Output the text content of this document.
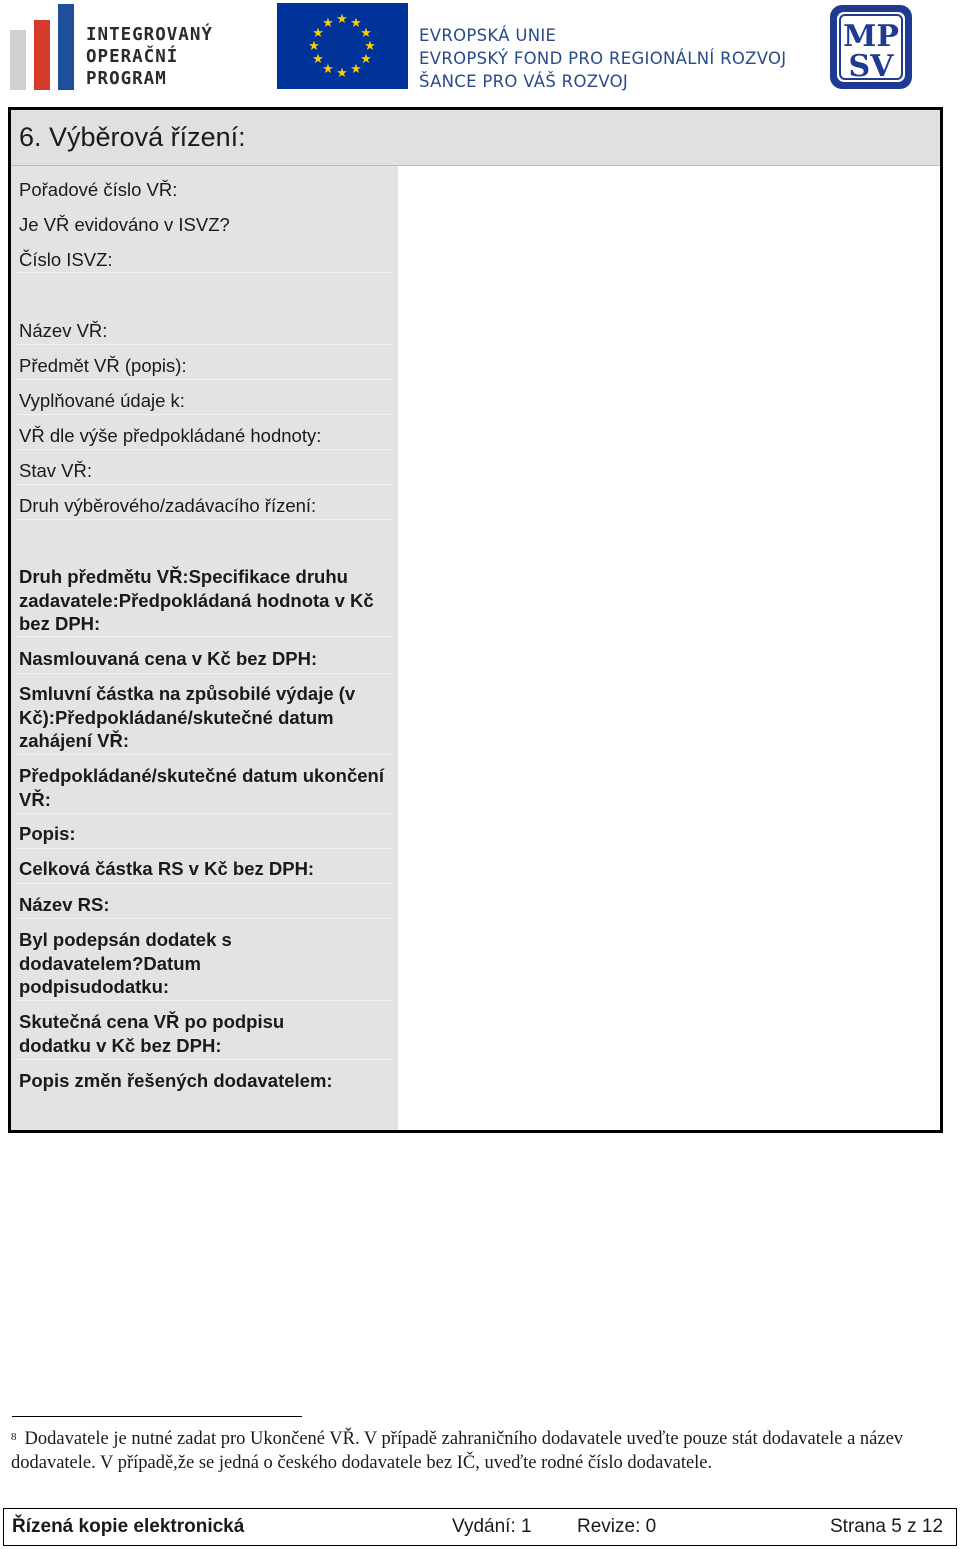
INTEGROVANÝ
OPERAČNÍ
PROGRAM
★ ★
★
★
★
★
★
★
★
★
★
★
EVROPSKÁ UNIE
EVROPSKÝ FOND PRO REGIONÁLNÍ ROZVOJ
ŠANCE PRO VÁŠ ROZVOJ
MP
SV
6. Výběrová řízení:
Pořadové číslo VŘ:
Je VŘ evidováno v ISVZ?
Číslo ISVZ:
Název VŘ:
Předmět VŘ (popis):
Vyplňované údaje k:
VŘ dle výše předpokládané hodnoty:
Stav VŘ:
Druh výběrového/zadávacího řízení:
Druh předmětu VŘ:Specifikace druhu zadavatele:Předpokládaná hodnota v Kč bez DPH:
Nasmlouvaná cena v Kč bez DPH:
Smluvní částka na způsobilé výdaje (v Kč):Předpokládané/skutečné datum zahájení VŘ:
Předpokládané/skutečné datum ukončení VŘ:
Popis:
Celková částka RS v Kč bez DPH:
Název RS:
Byl podepsán dodatek s dodavatelem?Datum podpisudodatku:
Skutečná cena VŘ po podpisu dodatku v Kč bez DPH:
Popis změn řešených dodavatelem:
$^8$ Dodavatele je nutné zadat pro Ukončené VŘ. V případě zahraničního dodavatele uveďte pouze stát dodavatele a název dodavatele. V případě,že se jedná o českého dodavatele bez IČ, uveďte rodné číslo dodavatele.
Řízená kopie elektronická	Vydání: 1 Revize: 0	Strana 5 z 12
